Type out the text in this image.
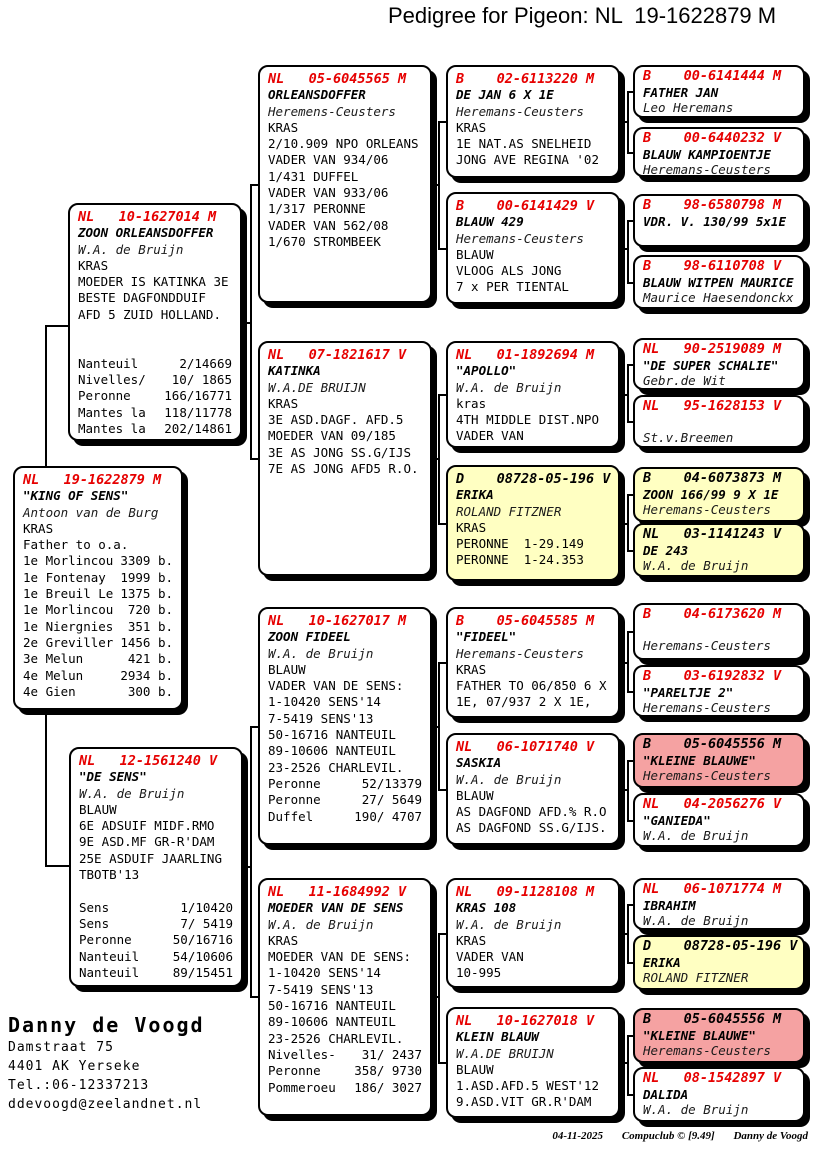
Pedigree for Pigeon: NL  19-1622879 M
NL   19-1622879 M
"KING OF SENS"
Antoon van de Burg
KRAS
Father to o.a.
1e Morlincou 3309 b.
1e Fontenay 1999 b.
1e Breuil Le 1375 b.
1e Morlincou 720 b.
1e Niergnies 351 b.
2e Greviller 1456 b.
3e Melun	421 b.
4e Melun	2934 b.
4e Gien	300 b.
NL   10-1627014 M
ZOON ORLEANSDOFFER
W.A. de Bruijn
KRAS
MOEDER IS KATINKA 3E
BESTE DAGFONDDUIF
AFD 5 ZUID HOLLAND.
Nanteuil	2/14669
Nivelles/ 10/ 1865
Peronne	166/16771
Mantes la 118/11778
Mantes la 202/14861
NL   12-1561240 V
"DE SENS"
W.A. de Bruijn
BLAUW
6E ADSUIF MIDF.RMO
9E ASD.MF GR-R'DAM
25E ASDUIF JAARLING
TBOTB'13
Sens	1/10420
Sens	7/ 5419
Peronne	50/16716
Nanteuil	54/10606
Nanteuil	89/15451
NL   05-6045565 M
ORLEANSDOFFER
Heremens-Ceusters
KRAS
2/10.909 NPO ORLEANS
VADER VAN 934/06
1/431 DUFFEL
VADER VAN 933/06
1/317 PERONNE
VADER VAN 562/08
1/670 STROMBEEK
NL   07-1821617 V
KATINKA
W.A.DE BRUIJN
KRAS
3E ASD.DAGF. AFD.5
MOEDER VAN 09/185
3E AS JONG SS.G/IJS
7E AS JONG AFD5 R.O.
NL   10-1627017 M
ZOON FIDEEL
W.A. de Bruijn
BLAUW
VADER VAN DE SENS:
1-10420 SENS'14
7-5419 SENS'13
50-16716 NANTEUIL
89-10606 NANTEUIL
23-2526 CHARLEVIL.
Peronne	52/13379
Peronne	27/ 5649
Duffel	190/ 4707
NL   11-1684992 V
MOEDER VAN DE SENS
W.A. de Bruijn
KRAS
MOEDER VAN DE SENS:
1-10420 SENS'14
7-5419 SENS'13
50-16716 NANTEUIL
89-10606 NANTEUIL
23-2526 CHARLEVIL.
Nivelles- 31/ 2437
Peronne	358/ 9730
Pommeroeu 186/ 3027
B    02-6113220 M
DE JAN 6 X 1E
Heremans-Ceusters
KRAS
1E NAT.AS SNELHEID
JONG AVE REGINA '02
B    00-6141429 V
BLAUW 429
Heremans-Ceusters
BLAUW
VLOOG ALS JONG
7 x PER TIENTAL
NL   01-1892694 M
"APOLLO"
W.A. de Bruijn
kras
4TH MIDDLE DIST.NPO
VADER VAN
D    08728-05-196 V
ERIKA
ROLAND FITZNER
KRAS
PERONNE  1-29.149
PERONNE  1-24.353
B    05-6045585 M
"FIDEEL"
Heremans-Ceusters
KRAS
FATHER TO 06/850 6 X
1E, 07/937 2 X 1E,
NL   06-1071740 V
SASKIA
W.A. de Bruijn
BLAUW
AS DAGFOND AFD.% R.O
AS DAGFOND SS.G/IJS.
NL   09-1128108 M
KRAS 108
W.A. de Bruijn
KRAS
VADER VAN
10-995
NL   10-1627018 V
KLEIN BLAUW
W.A.DE BRUIJN
BLAUW
1.ASD.AFD.5 WEST'12
9.ASD.VIT GR.R'DAM
B    00-6141444 M
FATHER JAN
Leo Heremans
B    00-6440232 V
BLAUW KAMPIOENTJE
Heremans-Ceusters
B    98-6580798 M
VDR. V. 130/99 5x1E
B    98-6110708 V
BLAUW WITPEN MAURICE
Maurice Haesendonckx
NL   90-2519089 M
"DE SUPER SCHALIE"
Gebr.de Wit
NL   95-1628153 V
St.v.Breemen
B    04-6073873 M
ZOON 166/99 9 X 1E
Heremans-Ceusters
NL   03-1141243 V
DE 243
W.A. de Bruijn
B    04-6173620 M
Heremans-Ceusters
B    03-6192832 V
"PARELTJE 2"
Heremans-Ceusters
B    05-6045556 M
"KLEINE BLAUWE"
Heremans-Ceusters
NL   04-2056276 V
"GANIEDA"
W.A. de Bruijn
NL   06-1071774 M
IBRAHIM
W.A. de Bruijn
D    08728-05-196 V
ERIKA
ROLAND FITZNER
B    05-6045556 M
"KLEINE BLAUWE"
Heremans-Ceusters
NL   08-1542897 V
DALIDA
W.A. de Bruijn
Danny de Voogd
Damstraat 75
4401 AK Yerseke
Tel.:06-12337213
ddevoogd@zeelandnet.nl
04-11-2025 Compuclub © [9.49] Danny de Voogd
